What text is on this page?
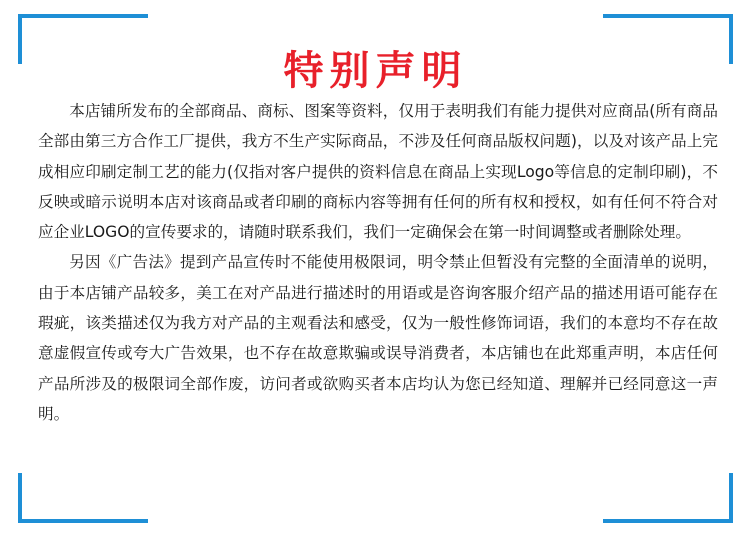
特别声明

本店铺所发布的全部商品、商标、图案等资料，仅用于表明我们有能力提供对应商品(所有商品全部由第三方合作工厂提供，我方不生产实际商品，不涉及任何商品版权问题)，以及对该产品上完成相应印刷定制工艺的能力(仅指对客户提供的资料信息在商品上实现Logo等信息的定制印刷)，不反映或暗示说明本店对该商品或者印刷的商标内容等拥有任何的所有权和授权，如有任何不符合对应企业LOGO的宣传要求的，请随时联系我们，我们一定确保会在第一时间调整或者删除处理。

另因《广告法》提到产品宣传时不能使用极限词，明令禁止但暂没有完整的全面清单的说明，由于本店铺产品较多，美工在对产品进行描述时的用语或是咨询客服介绍产品的描述用语可能存在瑕疵，该类描述仅为我方对产品的主观看法和感受，仅为一般性修饰词语，我们的本意均不存在故意虚假宣传或夸大广告效果，也不存在故意欺骗或误导消费者，本店铺也在此郑重声明，本店任何产品所涉及的极限词全部作废，访问者或欲购买者本店均认为您已经知道、理解并已经同意这一声明。
